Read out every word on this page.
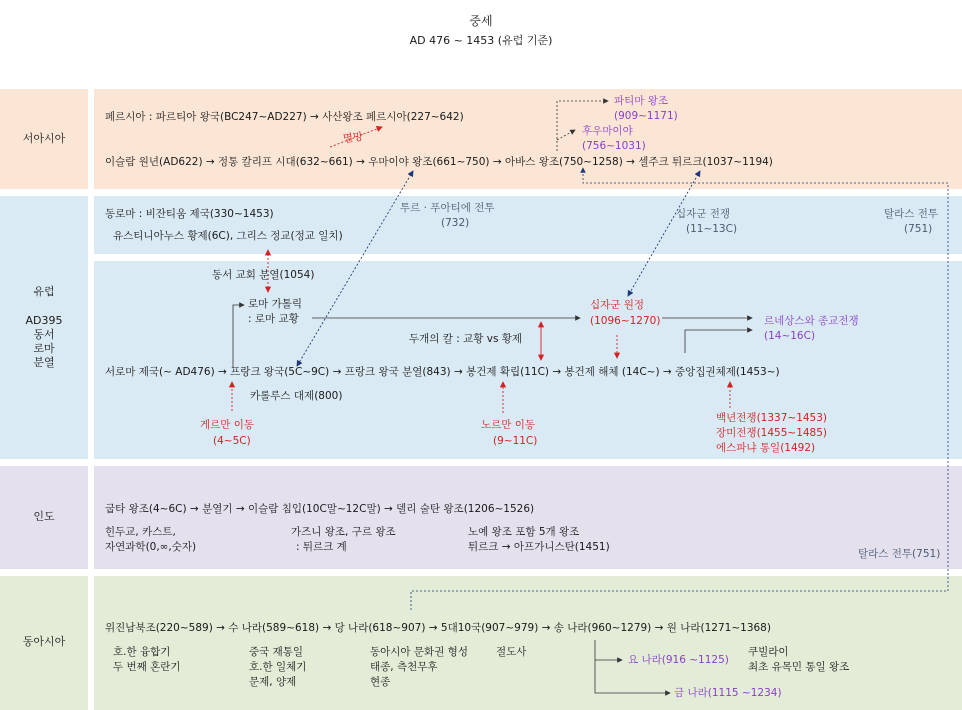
중세
AD 476 ~ 1453 (유럽 기준)
서아시아
유럽
AD395
동서
로마
분열
인도
동아시아
페르시아 : 파르티아 왕국(BC247~AD227) → 사산왕조 페르시아(227~642)
이슬람 원년(AD622) → 정통 칼리프 시대(632~661) → 우마이야 왕조(661~750) → 아바스 왕조(750~1258) → 셀주크 튀르크(1037~1194)
멸망
파티마 왕조
(909~1171)
후우마이야
(756~1031)
동로마 : 비잔티움 제국(330~1453)
유스티니아누스 황제(6C), 그리스 정교(정교 일치)
투르 · 푸아티에 전투
(732)
십자군 전쟁
(11~13C)
탈라스 전투
(751)
동서 교회 분열(1054)
로마 가톨릭
: 로마 교황
십자군 원정
(1096~1270)	르네상스와 종교전쟁
(14~16C)
두개의 칼 : 교황 vs 황제
서로마 제국(~ AD476) → 프랑크 왕국(5C~9C) → 프랑크 왕국 분열(843) → 봉건제 확립(11C) → 봉건제 해체 (14C~) → 중앙집권체제(1453~)
카롤루스 대제(800)
게르만 이동
(4~5C)
노르만 이동
(9~11C)
백년전쟁(1337~1453)
장미전쟁(1455~1485)
에스파냐 통일(1492)
굽타 왕조(4~6C) → 분열기 → 이슬람 침입(10C말~12C말) → 델리 술탄 왕조(1206~1526)
힌두교, 카스트,
자연과학(0,∞,숫자)
가즈니 왕조, 구르 왕조
: 튀르크 계
노예 왕조 포함 5개 왕조
튀르크 → 아프가니스탄(1451)
탈라스 전투(751)
위진남북조(220~589) → 수 나라(589~618) → 당 나라(618~907) → 5대10국(907~979) → 송 나라(960~1279) → 원 나라(1271~1368)
호.한 융합기
두 번째 혼란기
중국 재통일
호.한 일체기
문제, 양제
동아시아 문화권 형성	절도사
태종, 측천무후
현종
요 나라(916 ~1125)
금 나라(1115 ~1234)
쿠빌라이
최초 유목민 통일 왕조
